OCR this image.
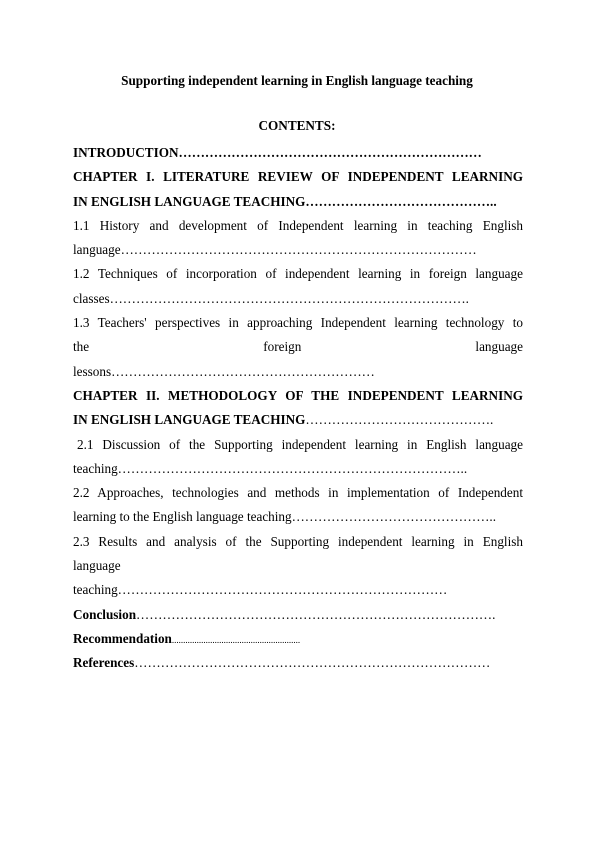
Supporting independent learning in English language teaching
CONTENTS:
INTRODUCTION……………………………………………………………
CHAPTER I. LITERATURE REVIEW OF INDEPENDENT LEARNING
IN ENGLISH LANGUAGE TEACHING……………………………………..
1.1 History and development of Independent learning in teaching English
language………………………………………………………………………
1.2 Techniques of incorporation of independent learning in foreign language
classes……………………………………………………………………….
1.3 Teachers' perspectives in approaching Independent learning technology to
the	foreign	language
lessons……………………………………………………
CHAPTER II. METHODOLOGY OF THE INDEPENDENT LEARNING
IN ENGLISH LANGUAGE TEACHING…………………………………….
2.1 Discussion of the Supporting independent learning in English language
teaching……………………………………………………………………..
2.2 Approaches, technologies and methods in implementation of Independent
learning to the English language teaching………………………………………..
2.3 Results and analysis of the Supporting independent learning in English
language
teaching…………………………………………………………………
Conclusion……………………………………………………………………….
Recommendation.........................................................
References………………………………………………………………………
